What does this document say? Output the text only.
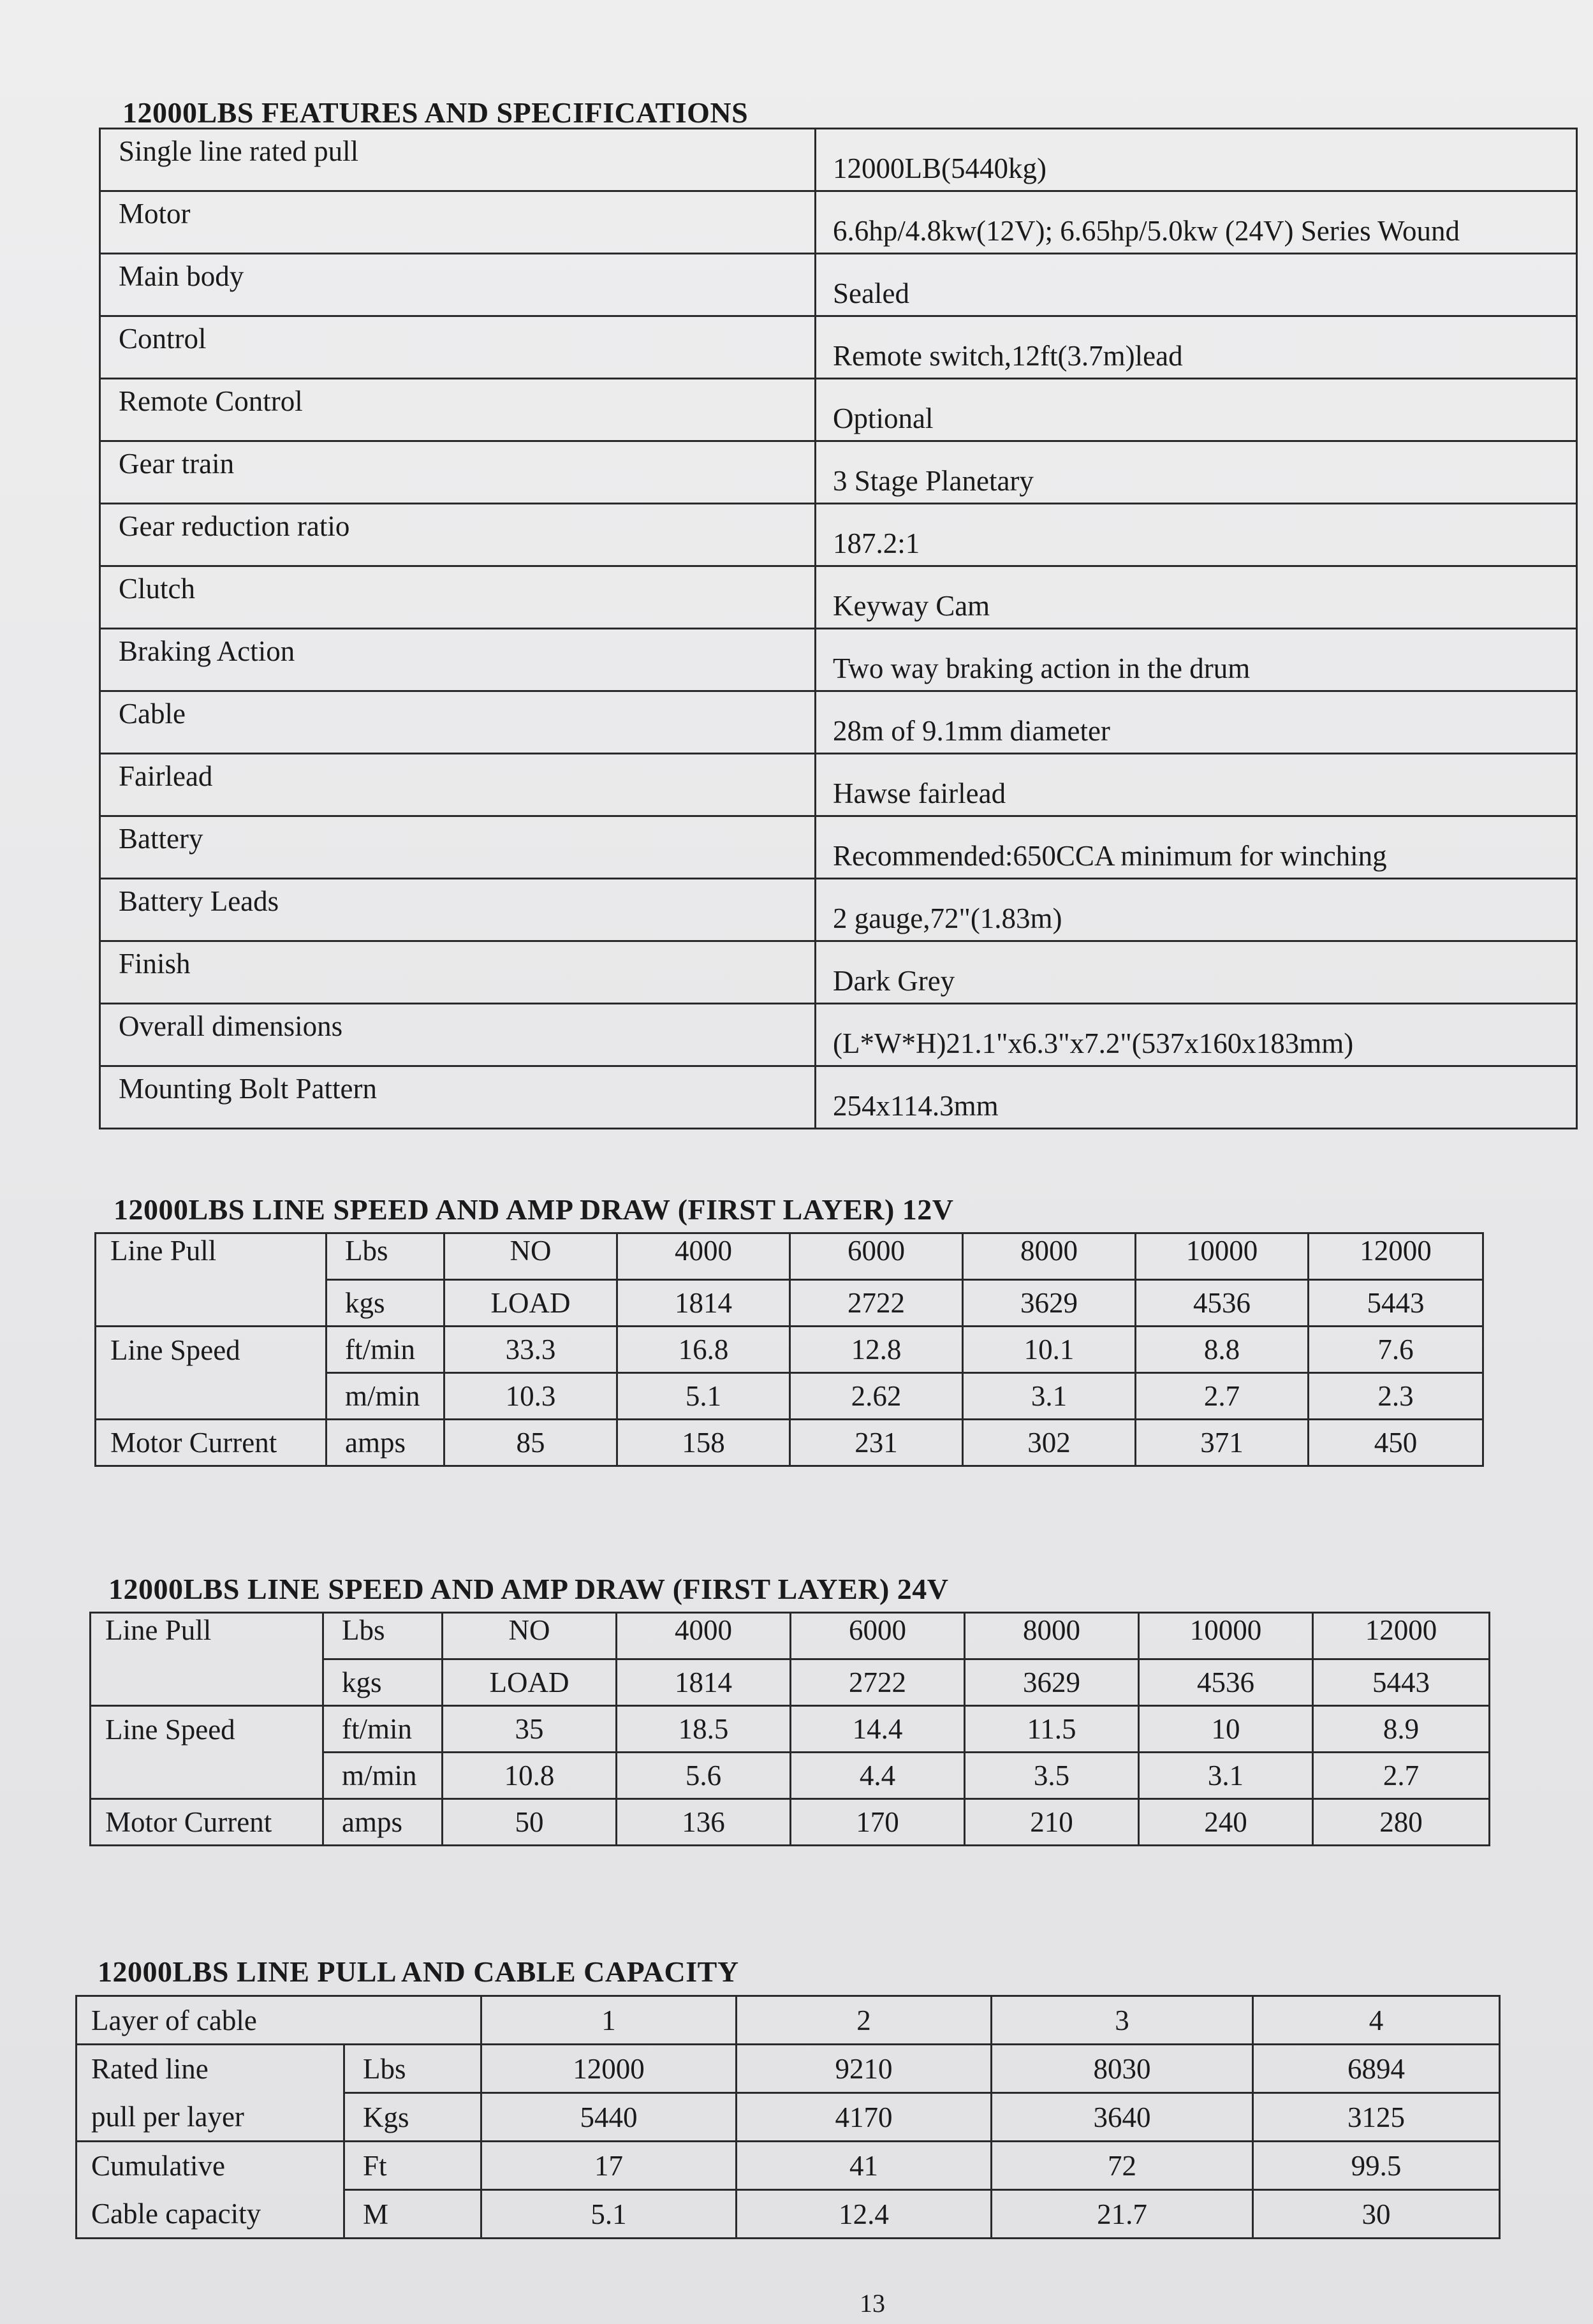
12000LBS FEATURES AND SPECIFICATIONS
Single line rated pull	12000LB(5440kg)
Motor	6.6hp/4.8kw(12V); 6.65hp/5.0kw (24V) Series Wound
Main body	Sealed
Control	Remote switch,12ft(3.7m)lead
Remote Control	Optional
Gear train	3 Stage Planetary
Gear reduction ratio	187.2:1
Clutch	Keyway Cam
Braking Action	Two way braking action in the drum
Cable	28m of 9.1mm diameter
Fairlead	Hawse fairlead
Battery	Recommended:650CCA minimum for winching
Battery Leads	2 gauge,72"(1.83m)
Finish	Dark Grey
Overall dimensions	(L*W*H)21.1"x6.3"x7.2"(537x160x183mm)
Mounting Bolt Pattern	254x114.3mm
12000LBS LINE SPEED AND AMP DRAW (FIRST LAYER) 12V
Line Pull	Lbs	NO	4000	6000	8000	10000	12000
	kgs	LOAD	1814	2722	3629	4536	5443
Line Speed	ft/min	33.3	16.8	12.8	10.1	8.8	7.6
	m/min	10.3	5.1	2.62	3.1	2.7	2.3
Motor Current	amps	85	158	231	302	371	450
12000LBS LINE SPEED AND AMP DRAW (FIRST LAYER) 24V
Line Pull	Lbs	NO	4000	6000	8000	10000	12000
	kgs	LOAD	1814	2722	3629	4536	5443
Line Speed	ft/min	35	18.5	14.4	11.5	10	8.9
	m/min	10.8	5.6	4.4	3.5	3.1	2.7
Motor Current	amps	50	136	170	210	240	280
12000LBS LINE PULL AND CABLE CAPACITY
Layer of cable		1	2	3	4
Rated line	Lbs	12000	9210	8030	6894
pull per layer	Kgs	5440	4170	3640	3125
Cumulative	Ft	17	41	72	99.5
Cable capacity	M	5.1	12.4	21.7	30
13
